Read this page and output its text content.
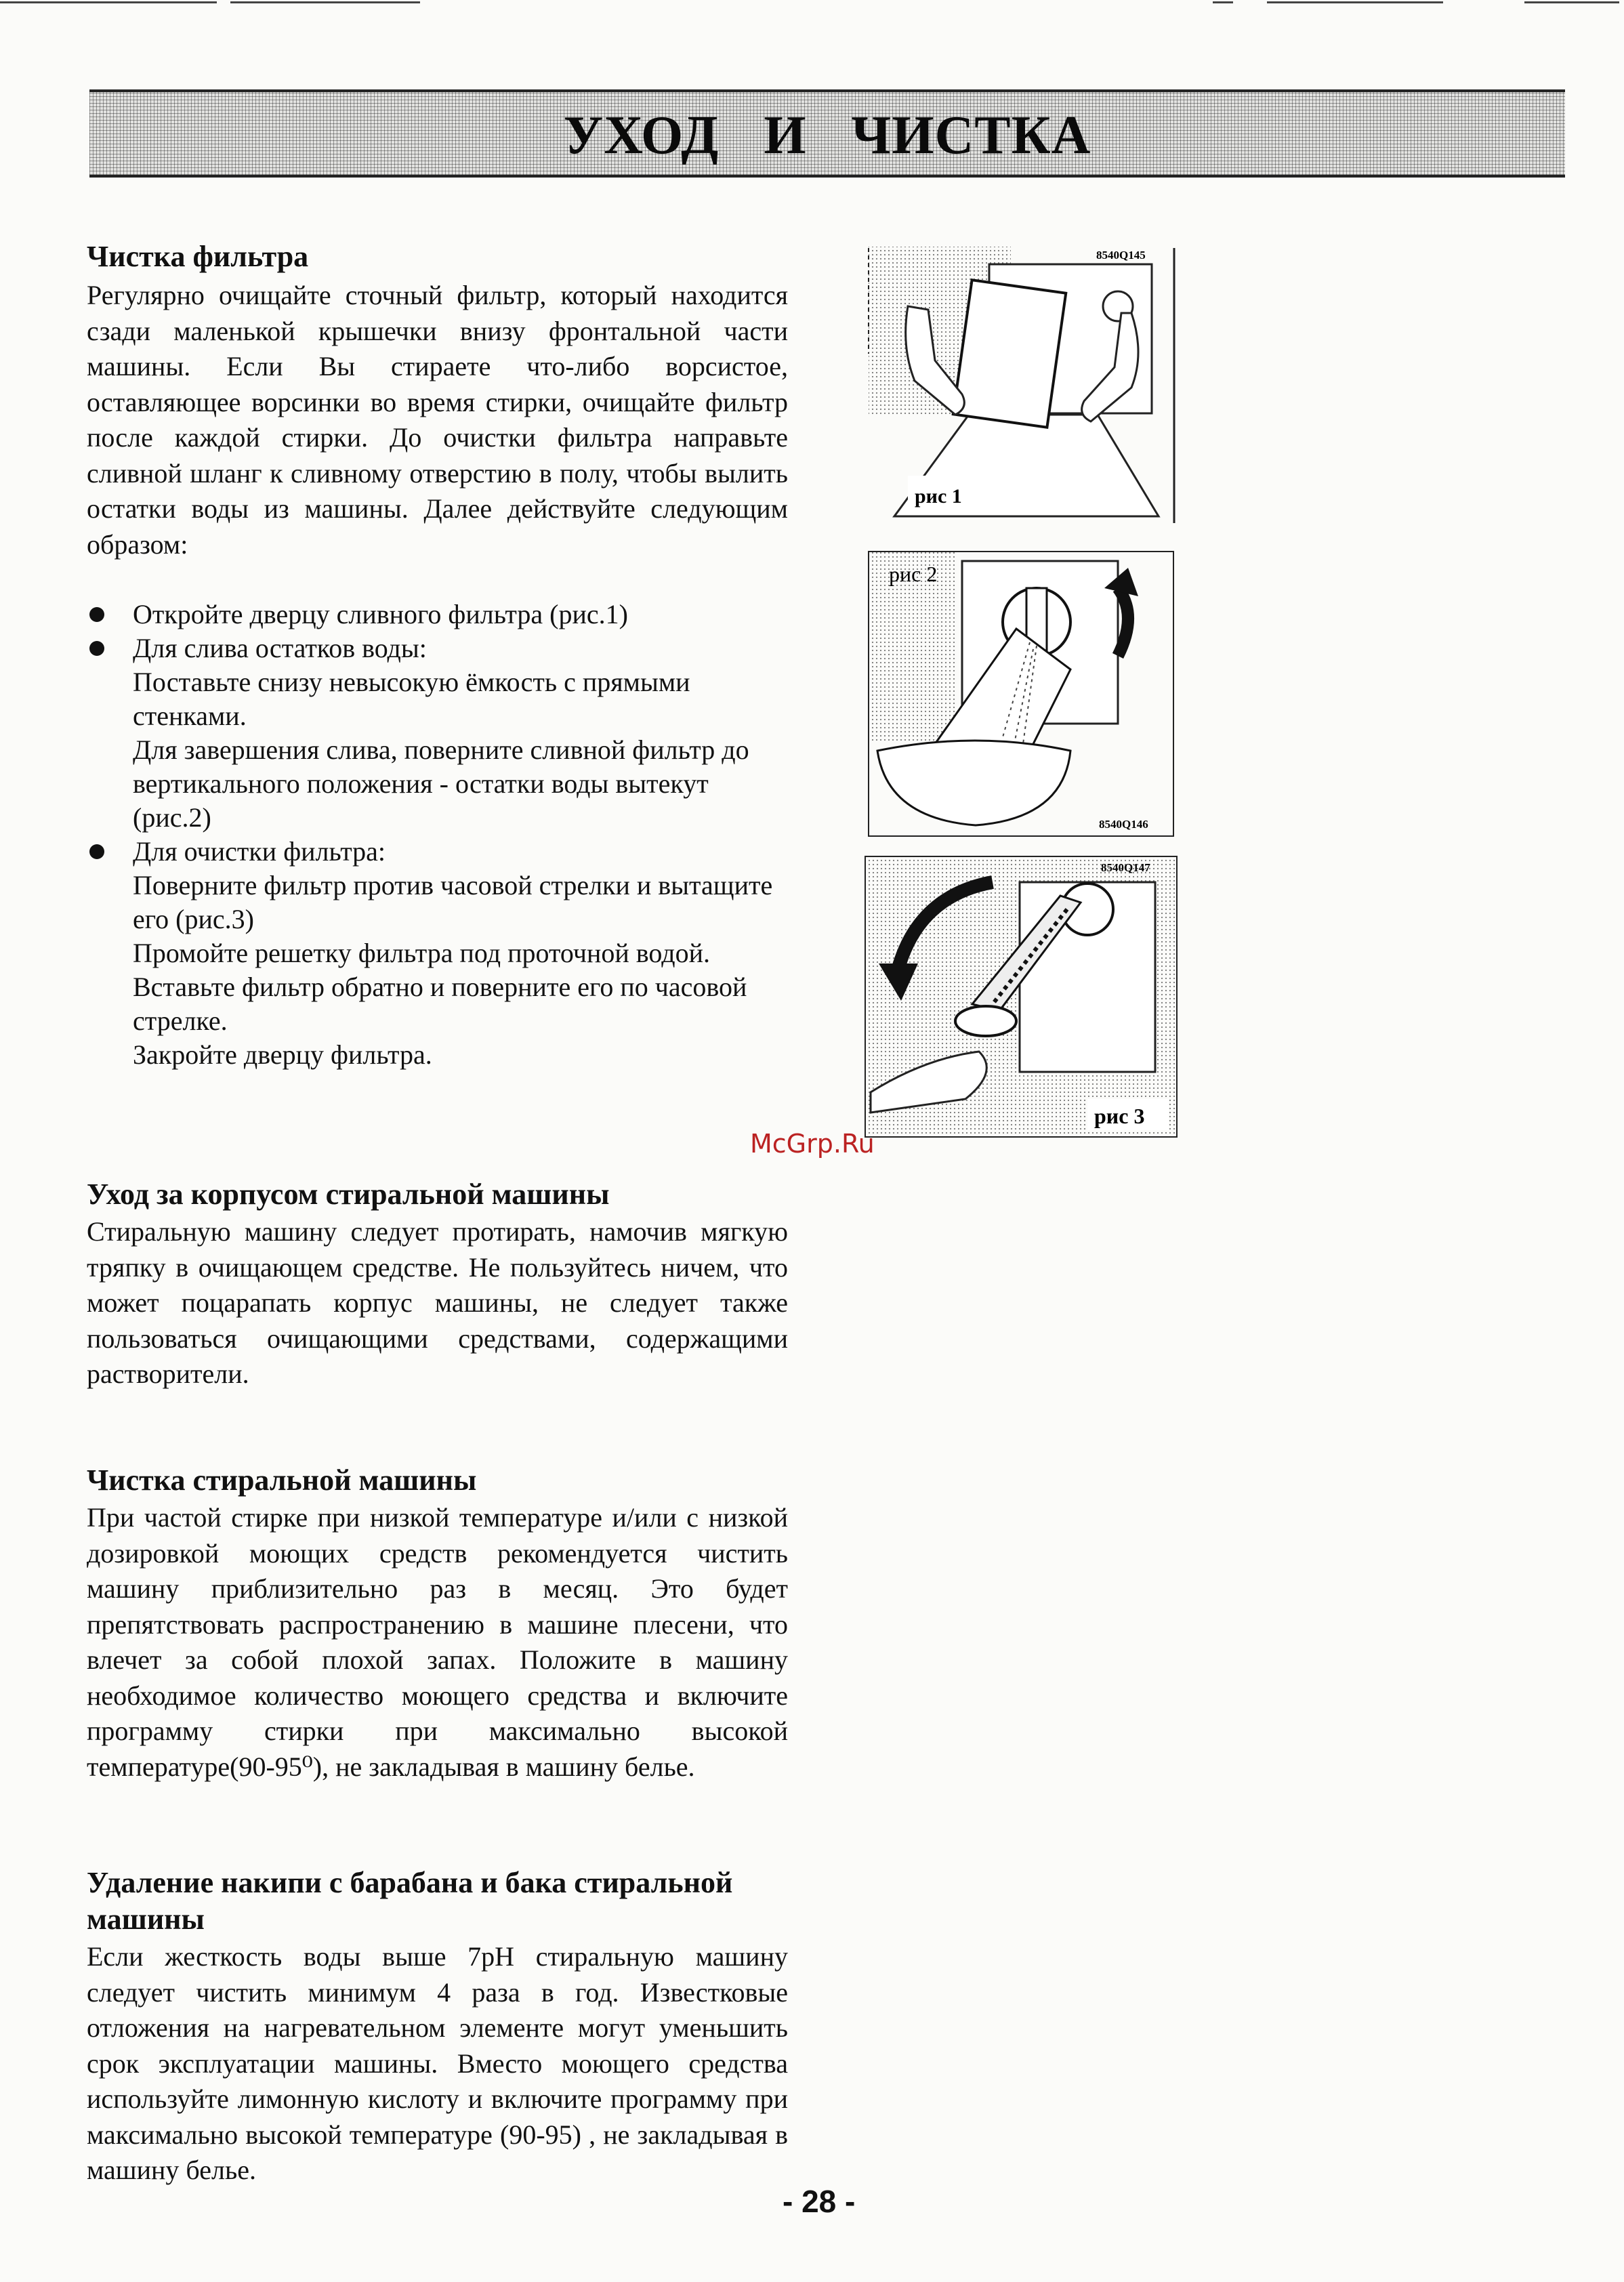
УХОД И ЧИСТКА
Чистка фильтра

Регулярно очищайте сточный фильтр, который находится сзади маленькой крышечки внизу фронтальной части машины. Если Вы стираете что-либо ворсистое, оставляющее ворсинки во время стирки, очищайте фильтр после каждой стирки. До очистки фильтра направьте сливной шланг к сливному отверстию в полу, чтобы вылить остатки воды из машины. Далее действуйте следующим образом:

Откройте дверцу сливного фильтра (рис.1)
Для слива остатков воды:
Поставьте снизу невысокую ёмкость с прямыми стенками.
Для завершения слива, поверните сливной фильтр до вертикального положения - остатки воды вытекут (рис.2)
Для очистки фильтра:
Поверните фильтр против часовой стрелки и вытащите его (рис.3)
Промойте решетку фильтра под проточной водой.
Вставьте фильтр обратно и поверните его по часовой стрелке.
Закройте дверцу фильтра.
Уход за корпусом стиральной машины

Стиральную машину следует протирать, намочив мягкую тряпку в очищающем средстве. Не пользуйтесь ничем, что может поцарапать корпус машины, не следует также пользоваться очищающими средствами, содержащими растворители.

Чистка стиральной машины

При частой стирке при низкой температуре и/или с низкой дозировкой моющих средств рекомендуется чистить машину приблизительно раз в месяц. Это будет препятствовать распространению в машине плесени, что влечет за собой плохой запах. Положите в машину необходимое количество моющего средства и включите программу стирки при максимально высокой температуре(90-95⁰), не закладывая в машину белье.

Удаление накипи с барабана и бака стиральной машины

Если жесткость воды выше 7pH стиральную машину следует чистить минимум 4 раза в год. Известковые отложения на нагревательном элементе могут уменьшить срок эксплуатации машины. Вместо моющего средства используйте лимонную кислоту и включите программу при максимально высокой температуре (90-95) , не закладывая в машину белье.

рис 1
8540Q145
рис 2
8540Q146
рис 3
8540Q147
McGrp.Ru
- 28 -
